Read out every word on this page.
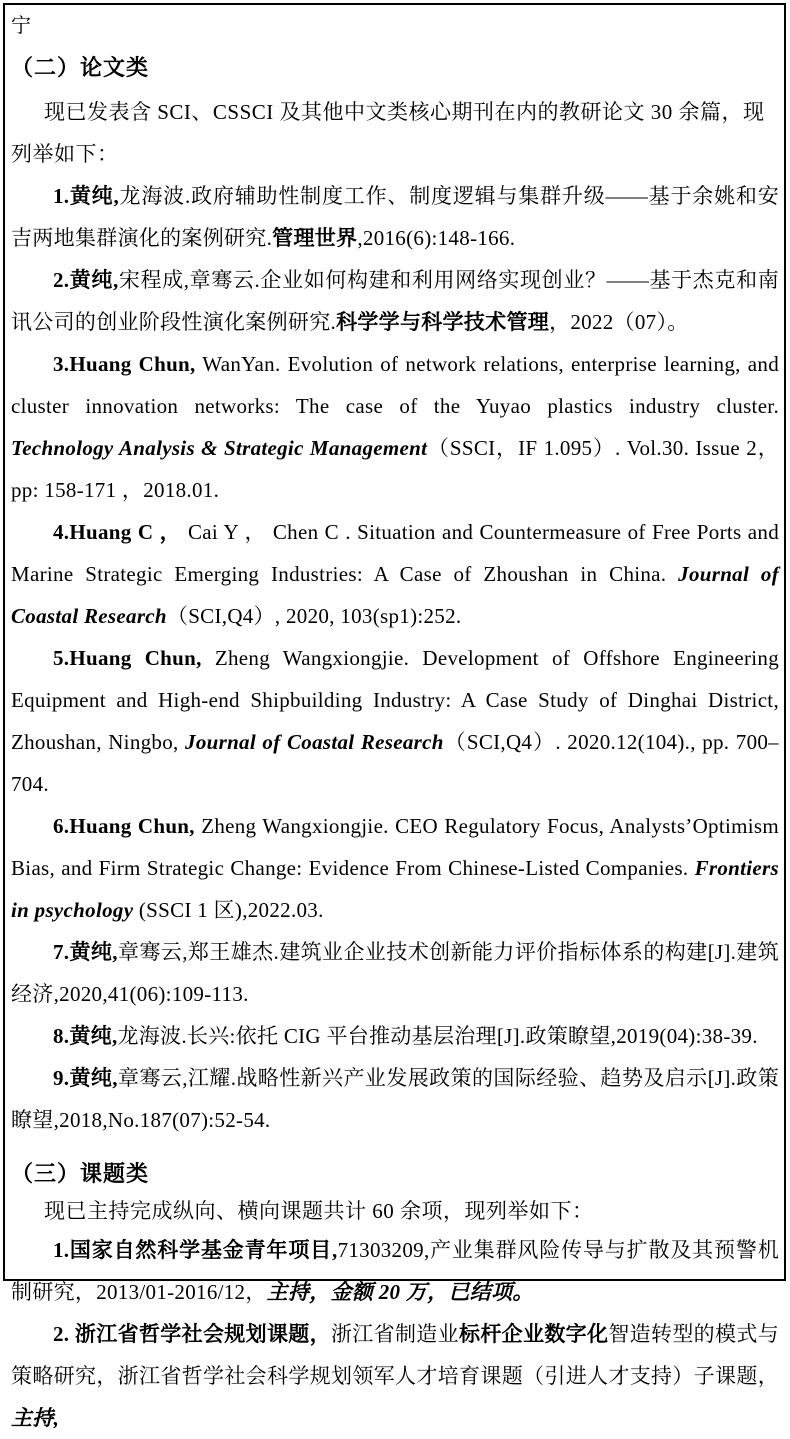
宁

（二）论文类

现已发表含 SCI、CSSCI 及其他中文类核心期刊在内的教研论文 30 余篇，现列举如下：

1.黄纯,龙海波.政府辅助性制度工作、制度逻辑与集群升级——基于余姚和安吉两地集群演化的案例研究.管理世界,2016(6):148-166.

2.黄纯,宋程成,章骞云.企业如何构建和利用网络实现创业？——基于杰克和南讯公司的创业阶段性演化案例研究.科学学与科学技术管理，2022（07）。

3.Huang Chun, WanYan. Evolution of network relations, enterprise learning, and cluster innovation networks: The case of the Yuyao plastics industry cluster. Technology Analysis & Strategic Management（SSCI，IF 1.095）. Vol.30. Issue 2， pp: 158-171 ，2018.01.

4.Huang C ， Cai Y ， Chen C . Situation and Countermeasure of Free Ports and Marine Strategic Emerging Industries: A Case of Zhoushan in China. Journal of Coastal Research（SCI,Q4）, 2020, 103(sp1):252.

5.Huang Chun, Zheng Wangxiongjie. Development of Offshore Engineering Equipment and High-end Shipbuilding Industry: A Case Study of Dinghai District, Zhoushan, Ningbo, Journal of Coastal Research（SCI,Q4）. 2020.12(104)., pp. 700–704.

6.Huang Chun, Zheng Wangxiongjie. CEO Regulatory Focus, Analysts’Optimism Bias, and Firm Strategic Change: Evidence From Chinese-Listed Companies. Frontiers in psychology (SSCI 1 区),2022.03.

7.黄纯,章骞云,郑王雄杰.建筑业企业技术创新能力评价指标体系的构建[J].建筑经济,2020,41(06):109-113.

8.黄纯,龙海波.长兴:依托 CIG 平台推动基层治理[J].政策瞭望,2019(04):38-39.

9.黄纯,章骞云,江耀.战略性新兴产业发展政策的国际经验、趋势及启示[J].政策瞭望,2018,No.187(07):52-54.

（三）课题类

现已主持完成纵向、横向课题共计 60 余项，现列举如下：

1.国家自然科学基金青年项目,71303209,产业集群风险传导与扩散及其预警机制研究，2013/01-2016/12，主持，金额 20 万，已结项。

2. 浙江省哲学社会规划课题，浙江省制造业标杆企业数字化智造转型的模式与策略研究，浙江省哲学社会科学规划领军人才培育课题（引进人才支持）子课题，主持,
